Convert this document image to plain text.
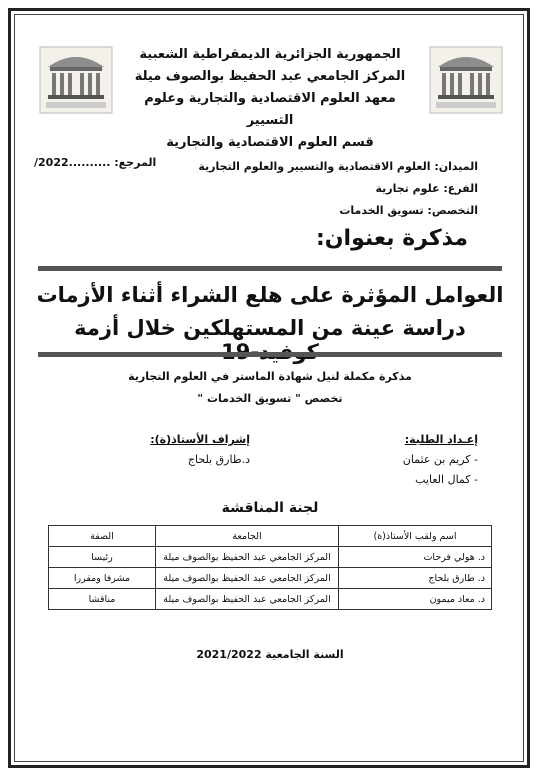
الجمهورية الجزائرية الديمقراطية الشعبية
المركز الجامعي عبد الحفيظ بوالصوف ميلة
معهد العلوم الاقتصادية والتجارية وعلوم التسيير
قسم العلوم الاقتصادية والتجارية
الميدان: العلوم الاقتصادية والتسيير والعلوم التجارية
الفرع: علوم تجارية
التخصص: تسويق الخدمات
المرجع: ..........2022/
مذكرة بعنوان:
العوامل المؤثرة على هلع الشراء أثناء الأزمات
دراسة عينة من المستهلكين خلال أزمة
مذكرة مكملة لنيل شهادة الماستر في العلوم التجارية
تخصص " تسويق الخدمات "
إعـداد الطلبة:
- كريم بن عثمان
- كمال العايب
إشراف الأستاذ(ة):
د.طارق بلحاج
لجنة المناقشة
اسم ولقب الأستاذ(ة)	الجامعة	الصفة
د. هولي فرحات	المركز الجامعي عبد الحفيظ بوالصوف ميلة	رئيسا
د. طارق بلحاج	المركز الجامعي عبد الحفيظ بوالصوف ميلة	مشرفا ومقررا
د. معاد ميمون	المركز الجامعي عبد الحفيظ بوالصوف ميلة	مناقشا
السنة الجامعية 2021/2022
